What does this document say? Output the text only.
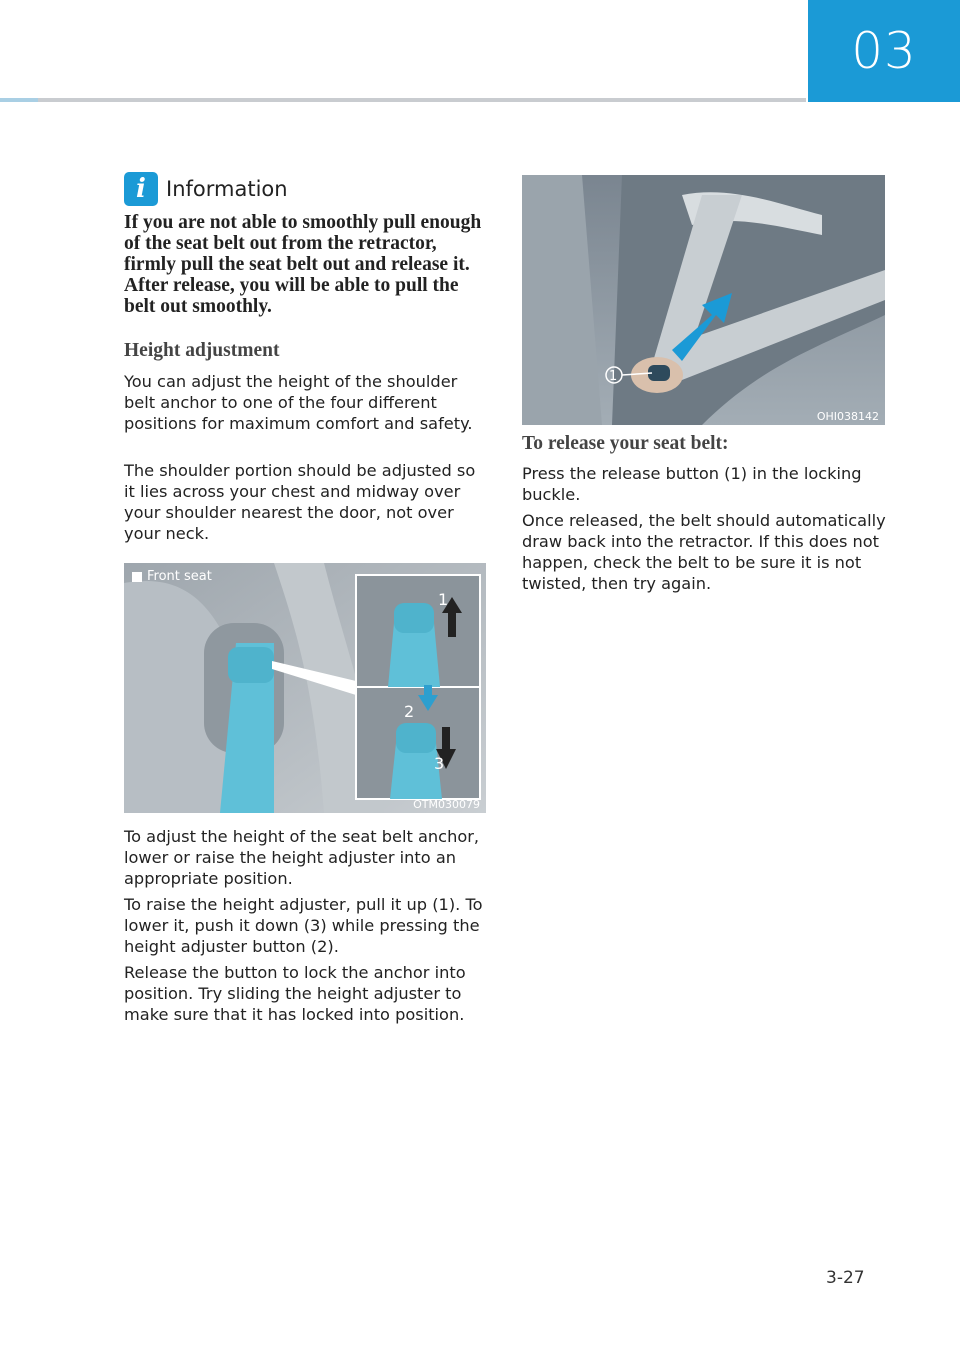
03
i Information

If you are not able to smoothly pull enough of the seat belt out from the retractor, firmly pull the seat belt out and release it. After release, you will be able to pull the belt out smoothly.

Height adjustment

You can adjust the height of the shoulder belt anchor to one of the four different positions for maximum comfort and safety.

The shoulder portion should be adjusted so it lies across your chest and midway over your shoulder nearest the door, not over your neck.

1
2
3
Front seat
OTM030079

To adjust the height of the seat belt anchor, lower or raise the height adjuster into an appropriate position.

To raise the height adjuster, pull it up (1). To lower it, push it down (3) while pressing the height adjuster button (2).

Release the button to lock the anchor into position. Try sliding the height adjuster to make sure that it has locked into position.

1
OHI038142
To release your seat belt:

Press the release button (1) in the locking buckle.

Once released, the belt should automatically draw back into the retractor. If this does not happen, check the belt to be sure it is not twisted, then try again.

3-27
